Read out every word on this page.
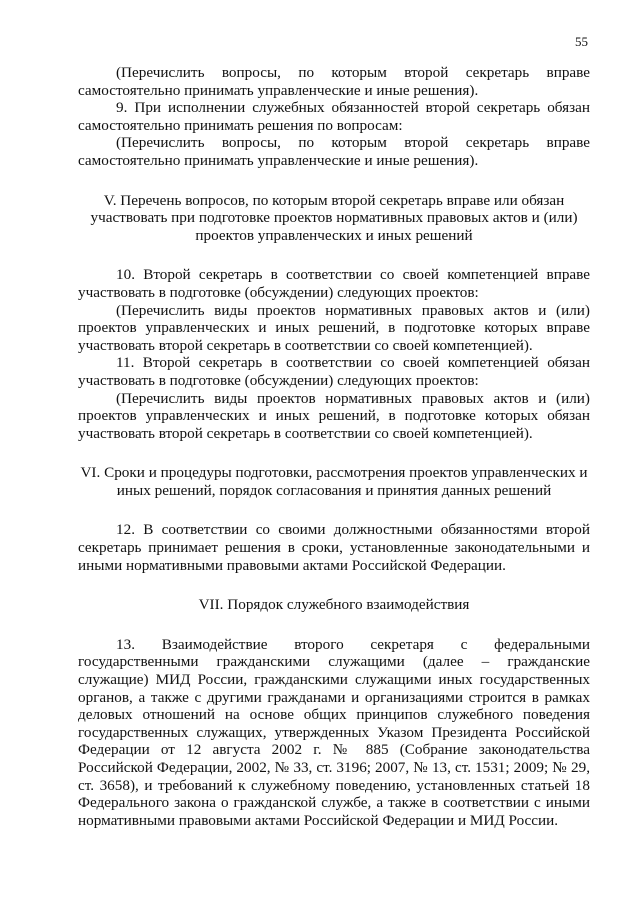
55

(Перечислить вопросы, по которым второй секретарь вправе самостоятельно принимать управленческие и иные решения).

9. При исполнении служебных обязанностей второй секретарь обязан самостоятельно принимать решения по вопросам:

(Перечислить вопросы, по которым второй секретарь вправе самостоятельно принимать управленческие и иные решения).

V. Перечень вопросов, по которым второй секретарь вправе или обязан участвовать при подготовке проектов нормативных правовых актов и (или) проектов управленческих и иных решений

10. Второй секретарь в соответствии со своей компетенцией вправе участвовать в подготовке (обсуждении) следующих проектов:

(Перечислить виды проектов нормативных правовых актов и (или) проектов управленческих и иных решений, в подготовке которых вправе участвовать второй секретарь в соответствии со своей компетенцией).

11. Второй секретарь в соответствии со своей компетенцией обязан участвовать в подготовке (обсуждении) следующих проектов:

(Перечислить виды проектов нормативных правовых актов и (или) проектов управленческих и иных решений, в подготовке которых обязан участвовать второй секретарь в соответствии со своей компетенцией).

VI. Сроки и процедуры подготовки, рассмотрения проектов управленческих и иных решений, порядок согласования и принятия данных решений

12. В соответствии со своими должностными обязанностями второй секретарь принимает решения в сроки, установленные законодательными и иными нормативными правовыми актами Российской Федерации.

VII. Порядок служебного взаимодействия

13. Взаимодействие второго секретаря с федеральными государственными гражданскими служащими (далее – гражданские служащие) МИД России, гражданскими служащими иных государственных органов, а также с другими гражданами и организациями строится в рамках деловых отношений на основе общих принципов служебного поведения государственных служащих, утвержденных Указом Президента Российской Федерации от 12 августа 2002 г. № 885 (Собрание законодательства Российской Федерации, 2002, № 33, ст. 3196; 2007, № 13, ст. 1531; 2009; № 29, ст. 3658), и требований к служебному поведению, установленных статьей 18 Федерального закона о гражданской службе, а также в соответствии с иными нормативными правовыми актами Российской Федерации и МИД России.
